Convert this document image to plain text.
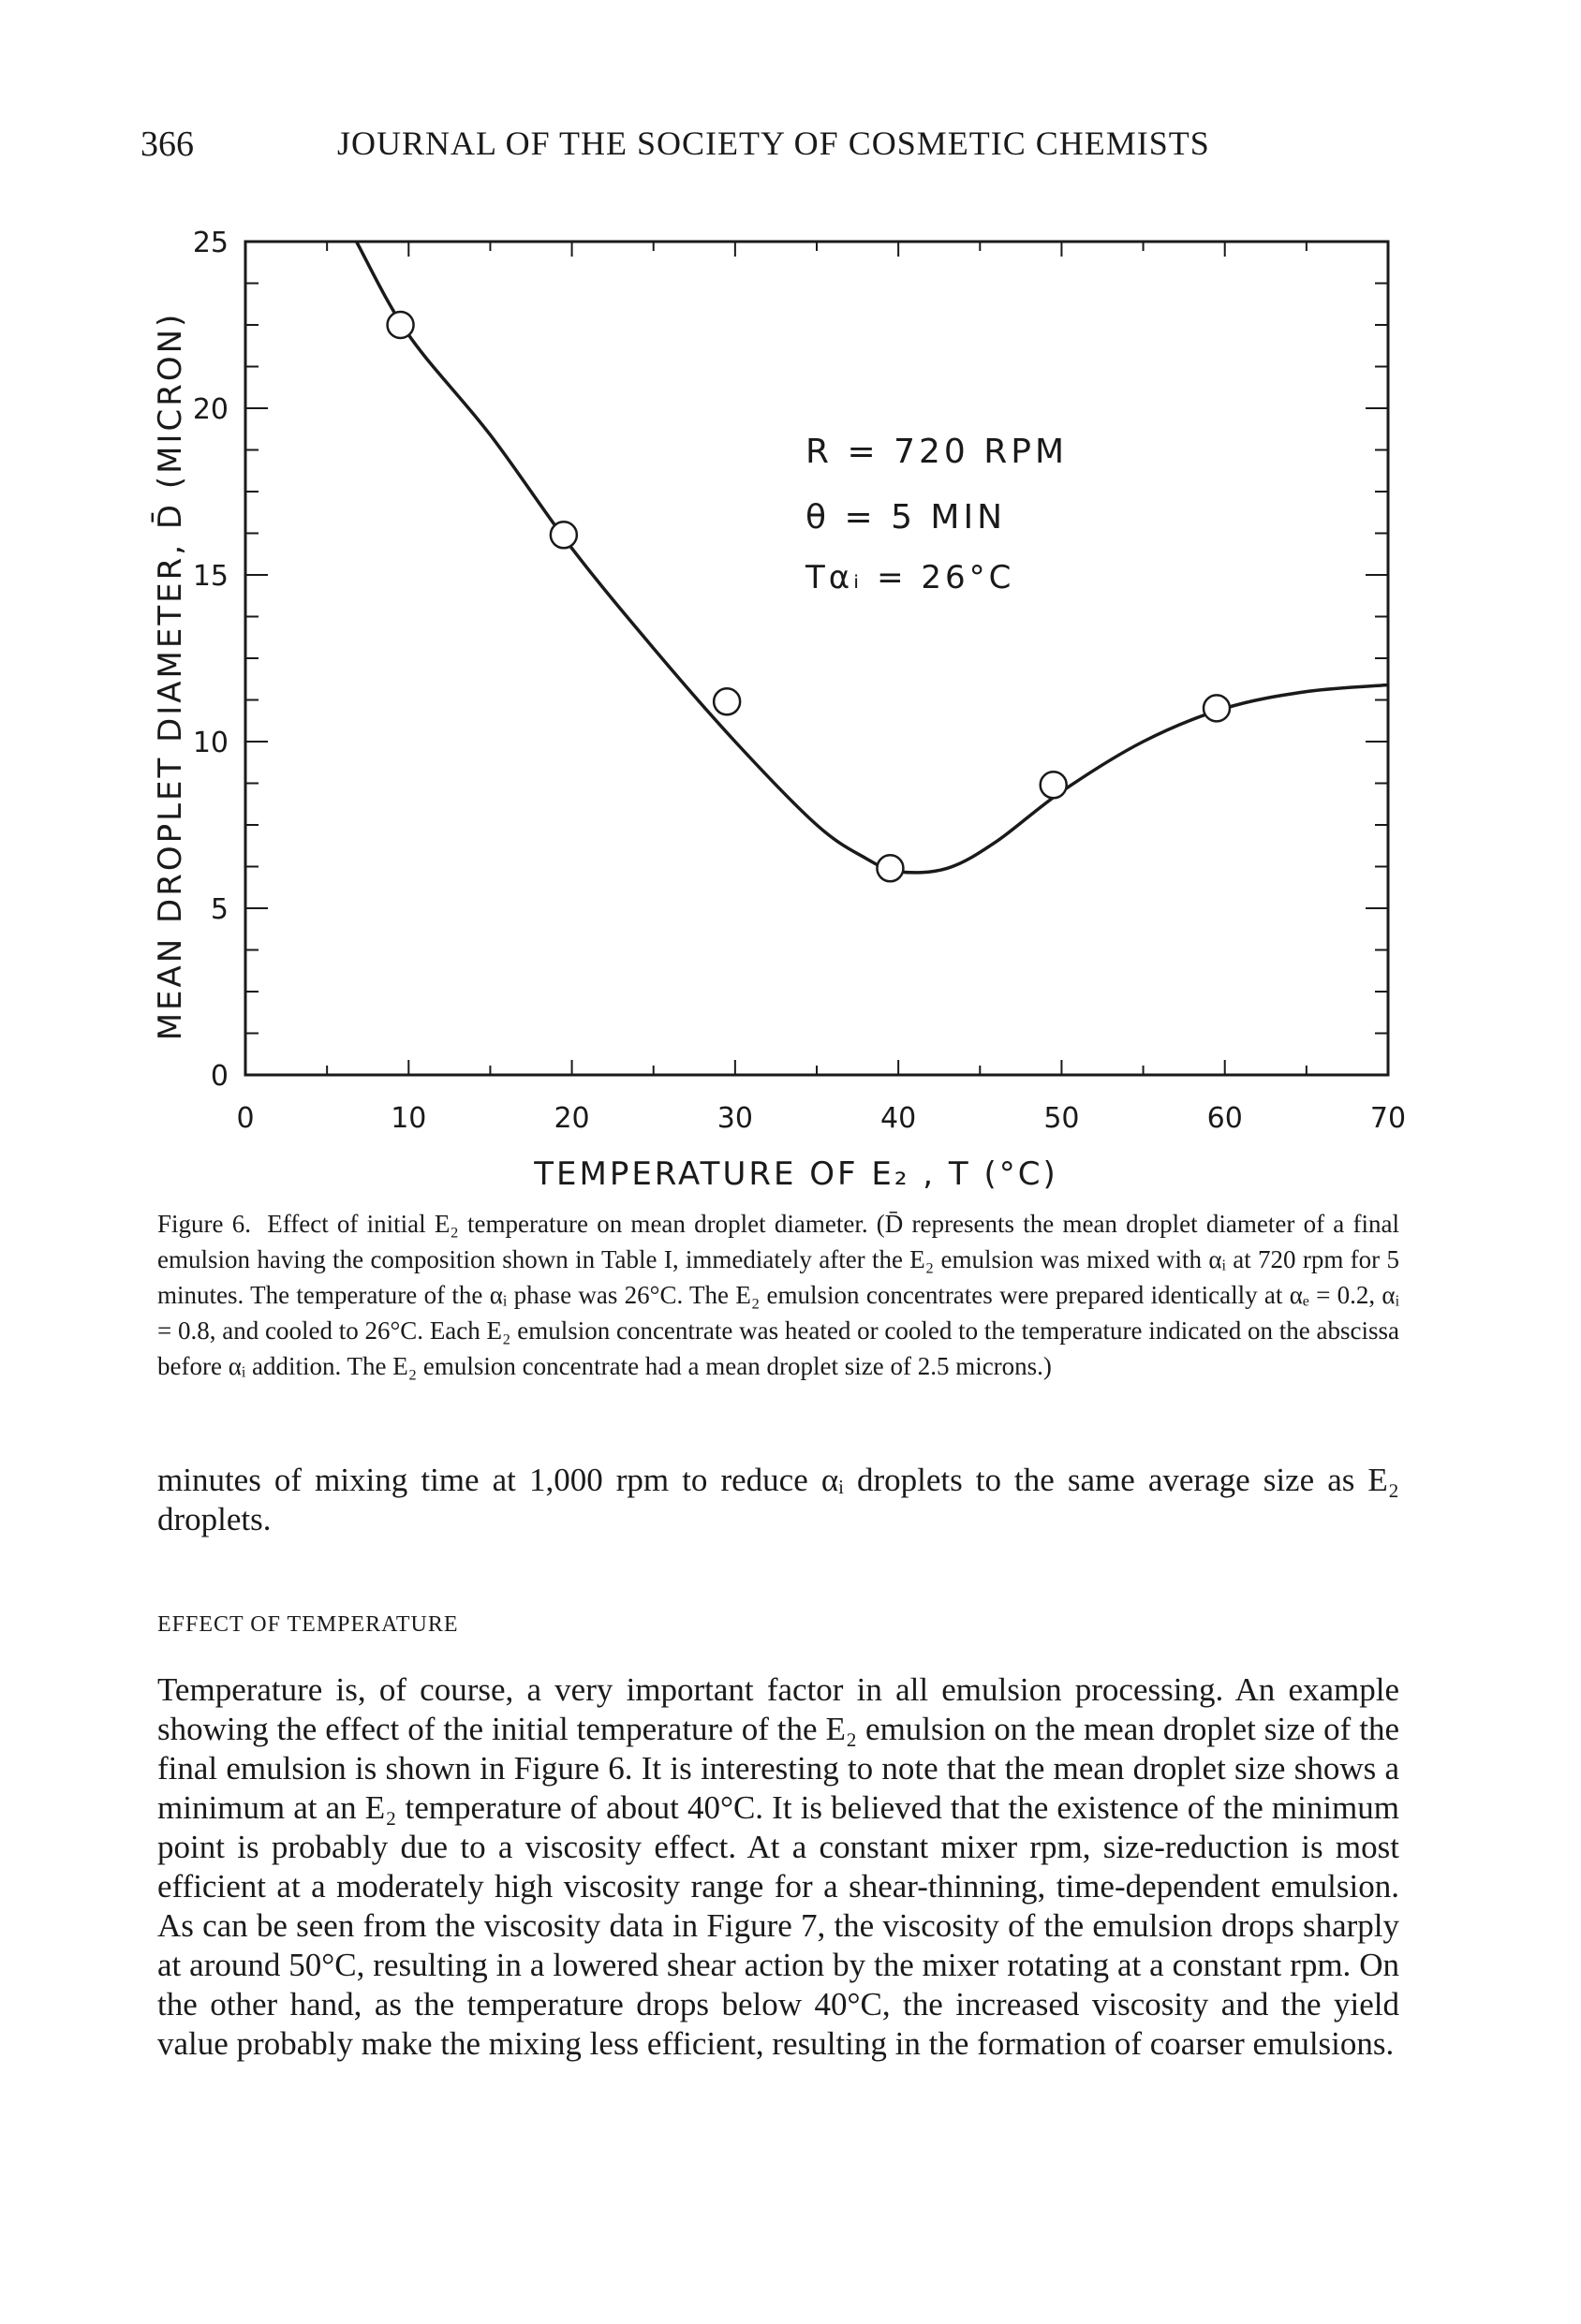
366	JOURNAL OF THE SOCIETY OF COSMETIC CHEMISTS
0	10	20	30	40	50	60	70
0
5
10
15
20
25
R = 720 RPM
θ = 5 MIN
Tαᵢ = 26°C
TEMPERATURE OF E₂ , T (°C)
MEAN DROPLET DIAMETER, D̄ (MICRON)
Figure 6. Effect of initial E₂ temperature on mean droplet diameter. (D̄ represents the mean droplet diameter of a final emulsion having the composition shown in Table I, immediately after the E₂ emulsion was mixed with αᵢ at 720 rpm for 5 minutes. The temperature of the αᵢ phase was 26°C. The E₂ emulsion concentrates were prepared identically at αₑ = 0.2, αᵢ = 0.8, and cooled to 26°C. Each E₂ emulsion concentrate was heated or cooled to the temperature indicated on the abscissa before αᵢ addition. The E₂ emulsion concentrate had a mean droplet size of 2.5 microns.)
minutes of mixing time at 1,000 rpm to reduce αᵢ droplets to the same average size as E₂ droplets.
EFFECT OF TEMPERATURE
Temperature is, of course, a very important factor in all emulsion processing. An example showing the effect of the initial temperature of the E₂ emulsion on the mean droplet size of the final emulsion is shown in Figure 6. It is interesting to note that the mean droplet size shows a minimum at an E₂ temperature of about 40°C. It is believed that the existence of the minimum point is probably due to a viscosity effect. At a constant mixer rpm, size-reduction is most efficient at a moderately high viscosity range for a shear-thinning, time-dependent emulsion. As can be seen from the viscosity data in Figure 7, the viscosity of the emulsion drops sharply at around 50°C, resulting in a lowered shear action by the mixer rotating at a constant rpm. On the other hand, as the temperature drops below 40°C, the increased viscosity and the yield value probably make the mixing less efficient, resulting in the formation of coarser emulsions.
